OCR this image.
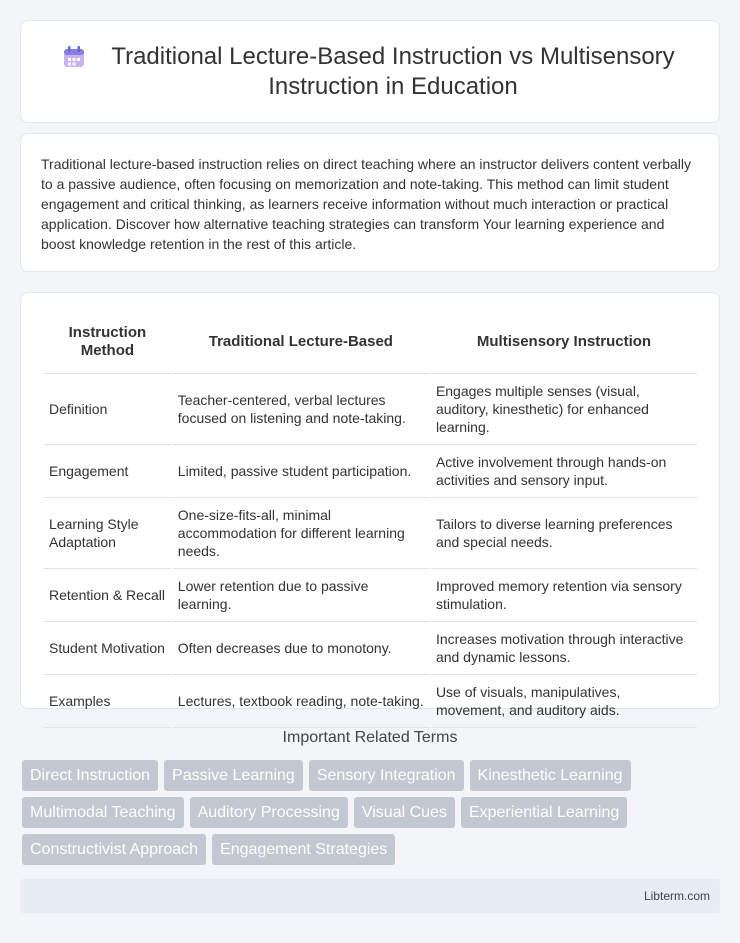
Traditional Lecture-Based Instruction vs Multisensory Instruction in Education

Traditional lecture-based instruction relies on direct teaching where an instructor delivers content verbally to a passive audience, often focusing on memorization and note-taking. This method can limit student engagement and critical thinking, as learners receive information without much interaction or practical application. Discover how alternative teaching strategies can transform Your learning experience and boost knowledge retention in the rest of this article.

Instruction Method	Traditional Lecture-Based	Multisensory Instruction
Definition	Teacher-centered, verbal lectures focused on listening and note-taking.	Engages multiple senses (visual, auditory, kinesthetic) for enhanced learning.
Engagement	Limited, passive student participation.	Active involvement through hands-on activities and sensory input.
Learning Style Adaptation	One-size-fits-all, minimal accommodation for different learning needs.	Tailors to diverse learning preferences and special needs.
Retention & Recall	Lower retention due to passive learning.	Improved memory retention via sensory stimulation.
Student Motivation	Often decreases due to monotony.	Increases motivation through interactive and dynamic lessons.
Examples	Lectures, textbook reading, note-taking.	Use of visuals, manipulatives, movement, and auditory aids.
Important Related Terms
Direct Instruction	Passive Learning	Sensory Integration	Kinesthetic Learning
Multimodal Teaching	Auditory Processing	Visual Cues	Experiential Learning
Constructivist Approach	Engagement Strategies
Libterm.com
